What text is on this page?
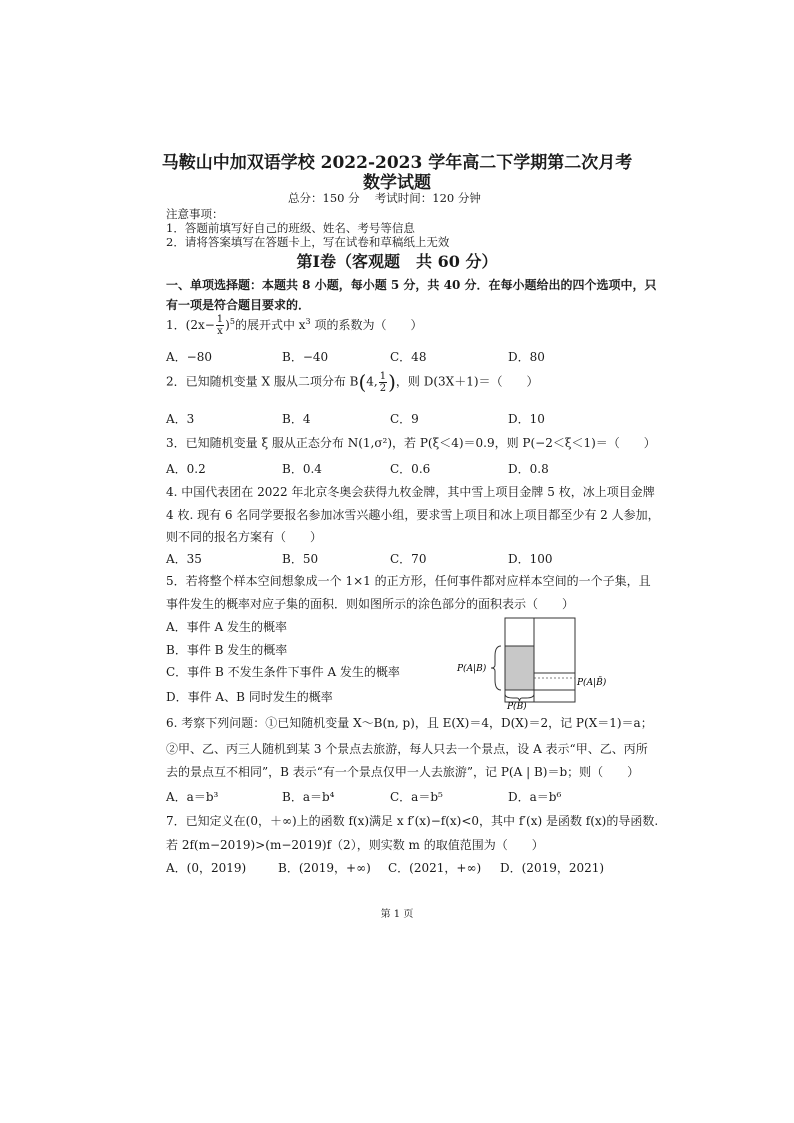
马鞍山中加双语学校 2022-2023 学年高二下学期第二次月考
数学试题
总分：150 分　 考试时间：120 分钟
注意事项：
1．答题前填写好自己的班级、姓名、考号等信息
2．请将答案填写在答题卡上，写在试卷和草稿纸上无效
第Ⅰ卷（客观题　共 60 分）
一、单项选择题：本题共 8 小题，每小题 5 分，共 40 分．在每小题给出的四个选项中，只
有一项是符合题目要求的．
1．$(2x- \frac{1}{x} )^5$的展开式中 $x^3$ 项的系数为（　　）
A．−80	B．−40	C．48	D．80
2．已知随机变量 X 服从二项分布 B(4, $\frac{1}{2}$ )，则 D(3X＋1)＝（　　）
A．3	B．4	C．9	D．10
3．已知随机变量 ξ 服从正态分布 N(1,σ²)，若 P(ξ＜4)＝0.9，则 P(−2＜ξ＜1)＝（　　）
A．0.2	B．0.4	C．0.6	D．0.8
4. 中国代表团在 2022 年北京冬奥会获得九枚金牌，其中雪上项目金牌 5 枚，冰上项目金牌
4 枚. 现有 6 名同学要报名参加冰雪兴趣小组，要求雪上项目和冰上项目都至少有 2 人参加，
则不同的报名方案有（　　）
A．35	B．50	C．70	D．100
5．若将整个样本空间想象成一个 1×1 的正方形，任何事件都对应样本空间的一个子集，且
事件发生的概率对应子集的面积．则如图所示的涂色部分的面积表示（　　）
A．事件 A 发生的概率
B．事件 B 发生的概率
C．事件 B 不发生条件下事件 A 发生的概率
D．事件 A、B 同时发生的概率
P(A|B)
P(A|B̄)
P(B)
6. 考察下列问题：①已知随机变量 X～B(n, p)，且 E(X)＝4，D(X)＝2，记 P(X＝1)＝a；
②甲、乙、丙三人随机到某 3 个景点去旅游，每人只去一个景点，设 A 表示“甲、乙、丙所
去的景点互不相同”，B 表示“有一个景点仅甲一人去旅游”，记 P(A | B)＝b；则（　　）
A．a＝b³	B．a＝b⁴	C．a＝b⁵	D．a＝b⁶
7．已知定义在(0，＋∞)上的函数 f(x)满足 x f′(x)−f(x)<0，其中 f′(x) 是函数 f(x)的导函数.
若 2f(m−2019)>(m−2019)f（2），则实数 m 的取值范围为（　　）
A．(0，2019)	B．(2019，+∞) C．(2021，+∞) D．(2019，2021)
第 1 页
